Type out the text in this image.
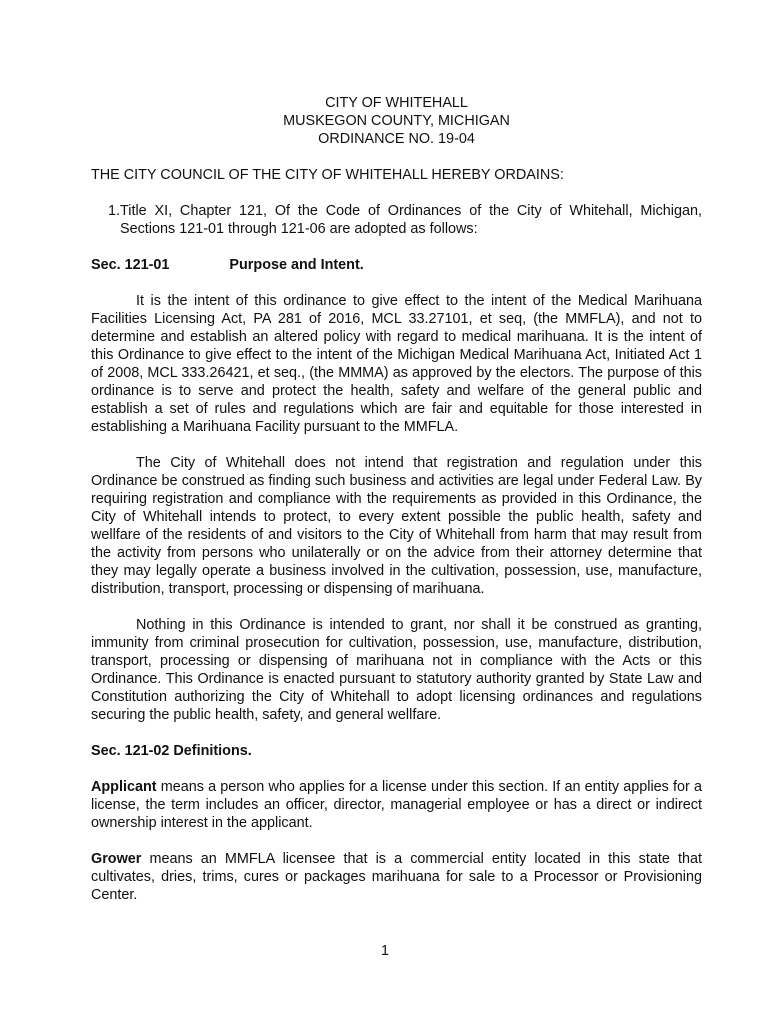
CITY OF WHITEHALL
MUSKEGON COUNTY, MICHIGAN
ORDINANCE NO. 19-04

THE CITY COUNCIL OF THE CITY OF WHITEHALL HEREBY ORDAINS:

1. Title XI, Chapter 121, Of the Code of Ordinances of the City of Whitehall, Michigan, Sections 121-01 through 121-06 are adopted as follows:
Sec. 121-01	Purpose and Intent.

It is the intent of this ordinance to give effect to the intent of the Medical Marihuana Facilities Licensing Act, PA 281 of 2016, MCL 33.27101, et seq, (the MMFLA), and not to determine and establish an altered policy with regard to medical marihuana. It is the intent of this Ordinance to give effect to the intent of the Michigan Medical Marihuana Act, Initiated Act 1 of 2008, MCL 333.26421, et seq., (the MMMA) as approved by the electors. The purpose of this ordinance is to serve and protect the health, safety and welfare of the general public and establish a set of rules and regulations which are fair and equitable for those interested in establishing a Marihuana Facility pursuant to the MMFLA.

The City of Whitehall does not intend that registration and regulation under this Ordinance be construed as finding such business and activities are legal under Federal Law. By requiring registration and compliance with the requirements as provided in this Ordinance, the City of Whitehall intends to protect, to every extent possible the public health, safety and wellfare of the residents of and visitors to the City of Whitehall from harm that may result from the activity from persons who unilaterally or on the advice from their attorney determine that they may legally operate a business involved in the cultivation, possession, use, manufacture, distribution, transport, processing or dispensing of marihuana.

Nothing in this Ordinance is intended to grant, nor shall it be construed as granting, immunity from criminal prosecution for cultivation, possession, use, manufacture, distribution, transport, processing or dispensing of marihuana not in compliance with the Acts or this Ordinance. This Ordinance is enacted pursuant to statutory authority granted by State Law and Constitution authorizing the City of Whitehall to adopt licensing ordinances and regulations securing the public health, safety, and general wellfare.

Sec. 121-02 Definitions.

Applicant means a person who applies for a license under this section. If an entity applies for a license, the term includes an officer, director, managerial employee or has a direct or indirect ownership interest in the applicant.

Grower means an MMFLA licensee that is a commercial entity located in this state that cultivates, dries, trims, cures or packages marihuana for sale to a Processor or Provisioning Center.

1
